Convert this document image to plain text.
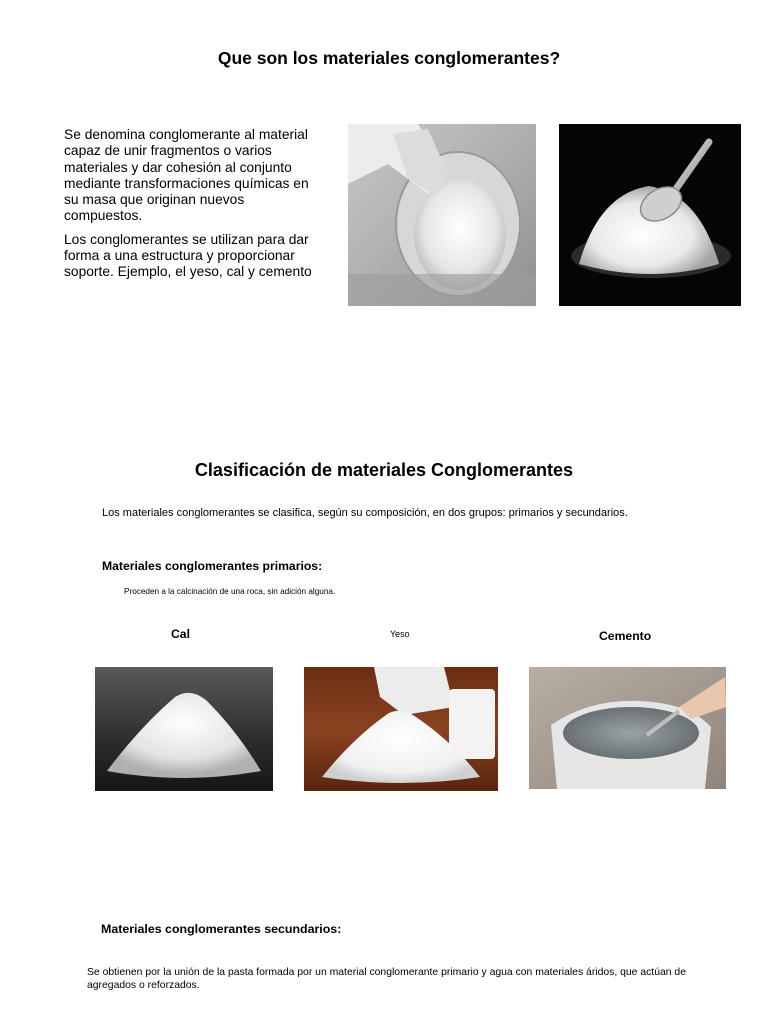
Que son los materiales conglomerantes?

Se denomina conglomerante al material capaz de unir fragmentos o varios materiales y dar cohesión al conjunto mediante transformaciones químicas en su masa que originan nuevos compuestos.

Los conglomerantes se utilizan para dar forma a una estructura y proporcionar soporte. Ejemplo, el yeso, cal y cemento

Clasificación de materiales Conglomerantes
Los materiales conglomerantes se clasifica, según su composición, en dos grupos: primarios y secundarios.
Materiales conglomerantes primarios:
Proceden a la calcinación de una roca, sin adición alguna.
Cal	Yeso	Cemento
Materiales conglomerantes secundarios:
Se obtienen por la unión de la pasta formada por un material conglomerante primario y agua con materiales áridos, que actúan de agregados o reforzados.
